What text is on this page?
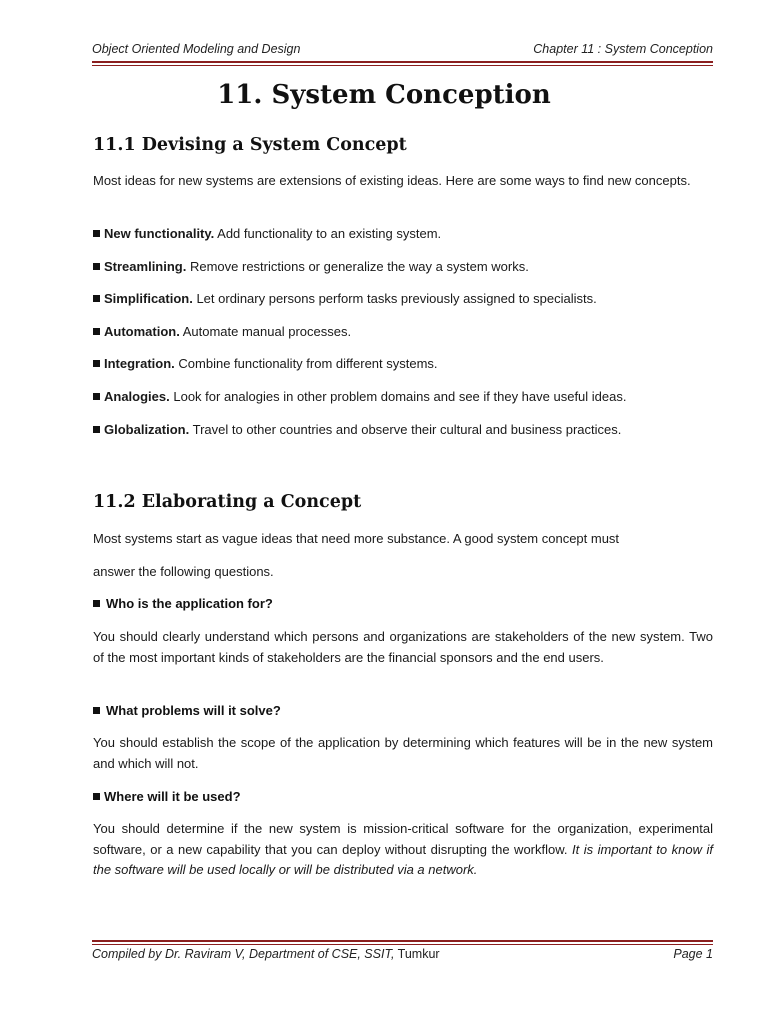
Object Oriented Modeling and Design	Chapter 11 : System Conception
11. System Conception
11.1 Devising a System Concept

Most ideas for new systems are extensions of existing ideas. Here are some ways to find new concepts.

New functionality. Add functionality to an existing system.

Streamlining. Remove restrictions or generalize the way a system works.

Simplification. Let ordinary persons perform tasks previously assigned to specialists.

Automation. Automate manual processes.

Integration. Combine functionality from different systems.

Analogies. Look for analogies in other problem domains and see if they have useful ideas.

Globalization. Travel to other countries and observe their cultural and business practices.

11.2 Elaborating a Concept

Most systems start as vague ideas that need more substance. A good system concept must

answer the following questions.

Who is the application for?

You should clearly understand which persons and organizations are stakeholders of the new system. Two of the most important kinds of stakeholders are the financial sponsors and the end users.

What problems will it solve?

You should establish the scope of the application by determining which features will be in the new system and which will not.

Where will it be used?

You should determine if the new system is mission-critical software for the organization, experimental software, or a new capability that you can deploy without disrupting the workflow. It is important to know if the software will be used locally or will be distributed via a network.

Compiled by Dr. Raviram V, Department of CSE, SSIT, Tumkur	Page 1
